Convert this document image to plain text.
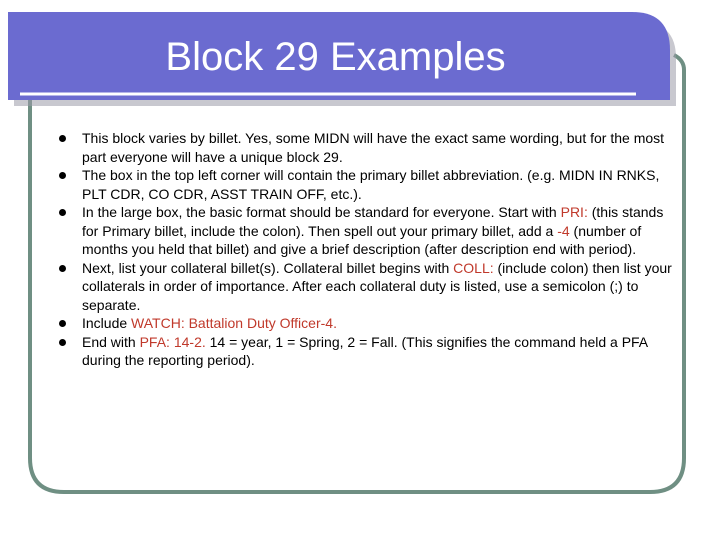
Block 29 Examples
This block varies by billet. Yes, some MIDN will have the exact same wording, but for the most part everyone will have a unique block 29.
The box in the top left corner will contain the primary billet abbreviation. (e.g. MIDN IN RNKS, PLT CDR, CO CDR, ASST TRAIN OFF, etc.).
In the large box, the basic format should be standard for everyone. Start with PRI: (this stands for Primary billet, include the colon). Then spell out your primary billet, add a -4 (number of months you held that billet) and give a brief description (after description end with period).
Next, list your collateral billet(s). Collateral billet begins with COLL: (include colon) then list your collaterals in order of importance. After each collateral duty is listed, use a semicolon (;) to separate.
Include WATCH: Battalion Duty Officer-4.
End with PFA: 14-2. 14 = year, 1 = Spring, 2 = Fall. (This signifies the command held a PFA during the reporting period).
